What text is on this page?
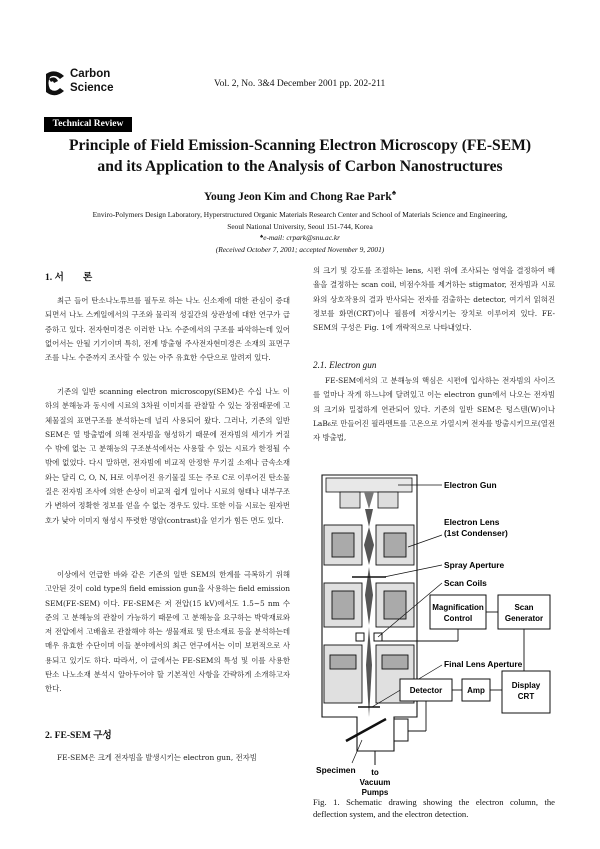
Carbon
Science	Vol. 2, No. 3&4 December 2001 pp. 202-211
Technical Review
Principle of Field Emission-Scanning Electron Microscopy (FE-SEM)
and its Application to the Analysis of Carbon Nanostructures
Young Jeon Kim and Chong Rae Park♠
Enviro-Polymers Design Laboratory, Hyperstructured Organic Materials Research Center and School of Materials Science and Engineering,
Seoul National University, Seoul 151-744, Korea
♠e-mail: crpark@snu.ac.kr
(Received October 7, 2001; accepted November 9, 2001)
1. 서　　론
최근 들어 탄소나노튜브를 필두로 하는 나노 신소재에 대한 관심이 증대되면서 나노 스케일에서의 구조와 물리적 성질간의 상관성에 대한 연구가 급증하고 있다. 전자현미경은 이러한 나노 수준에서의 구조를 파악하는데 있어 없어서는 안될 기기이며 특히, 전계 방출형 주사전자현미경은 소재의 표면구조를 나노 수준까지 조사할 수 있는 아주 유효한 수단으로 알려져 있다.
기존의 일반 scanning electron microscopy(SEM)은 수십 나노 이하의 분해능과 동시에 시료의 3차원 이미지를 관찰할 수 있는 장점때문에 고체물질의 표면구조를 분석하는데 널리 사용되어 왔다. 그러나, 기존의 일반 SEM은 열 방출법에 의해 전자빔을 형성하기 때문에 전자빔의 세기가 커질 수 밖에 없는 고 분해능의 구조분석에서는 사용할 수 있는 시료가 한정될 수 밖에 없었다. 다시 말하면, 전자빔에 비교적 안정한 무기질 소재나 금속소재와는 달리 C, O, N, H로 이루어진 유기물질 또는 주로 C로 이루어진 탄소물질은 전자빔 조사에 의한 손상이 비교적 쉽게 일어나 시료의 형태나 내부구조가 변하여 정확한 정보를 얻을 수 없는 경우도 있다. 또한 이들 시료는 원자번호가 낮아 이미지 형성시 뚜렷한 명암(contrast)을 얻기가 힘든 면도 있다.
이상에서 언급한 바와 같은 기존의 일반 SEM의 한계를 극복하기 위해 고안된 것이 cold type의 field emission gun을 사용하는 field emission SEM(FE-SEM) 이다. FE-SEM은 저 전압(15 kV)에서도 1.5~5 nm 수준의 고 분해능의 관찰이 가능하기 때문에 고 분해능을 요구하는 박막재료와 저 전압에서 고배율로 관찰해야 하는 생물재료 및 탄소재료 등을 분석하는데 매우 유효한 수단이며 이들 분야에서의 최근 연구에서는 이미 보편적으로 사용되고 있기도 하다. 따라서, 이 글에서는 FE-SEM의 특성 및 이를 사용한 탄소 나노소재 분석시 알아두어야 할 기본적인 사항을 간략하게 소개하고자 한다.
2. FE-SEM 구성
FE-SEM은 크게 전자빔을 발생시키는 electron gun, 전자빔
의 크기 및 강도를 조절하는 lens, 시편 위에 조사되는 영역을 결정하여 배율을 결정하는 scan coil, 비점수차를 제거하는 stigmator, 전자빔과 시료와의 상호작용의 결과 반사되는 전자를 검출하는 detector, 여기서 읽혀진 정보를 화면(CRT)이나 필름에 저장시키는 장치로 이루어져 있다. FE-SEM의 구성은 Fig. 1에 개략적으로 나타내었다.
2.1. Electron gun
FE-SEM에서의 고 분해능의 핵심은 시편에 입사하는 전자빔의 사이즈를 얼마나 작게 하느냐에 달려있고 이는 electron gun에서 나오는 전자빔의 크기와 밀접하게 연관되어 있다. 기존의 일반 SEM은 텅스텐(W)이나 LaB₆로 만들어진 필라멘트를 고온으로 가열시켜 전자를 방출시키므로(열전자 방출법,
Electron Gun
Electron Lens
(1st Condenser)
Spray Aperture
Scan Coils
Magnification
Control
Scan
Generator
Final Lens Aperture
Detector	Amp
Display
CRT
Specimen to
Vacuum
Pumps
Fig. 1. Schematic drawing showing the electron column, the deflection system, and the electron detection.
